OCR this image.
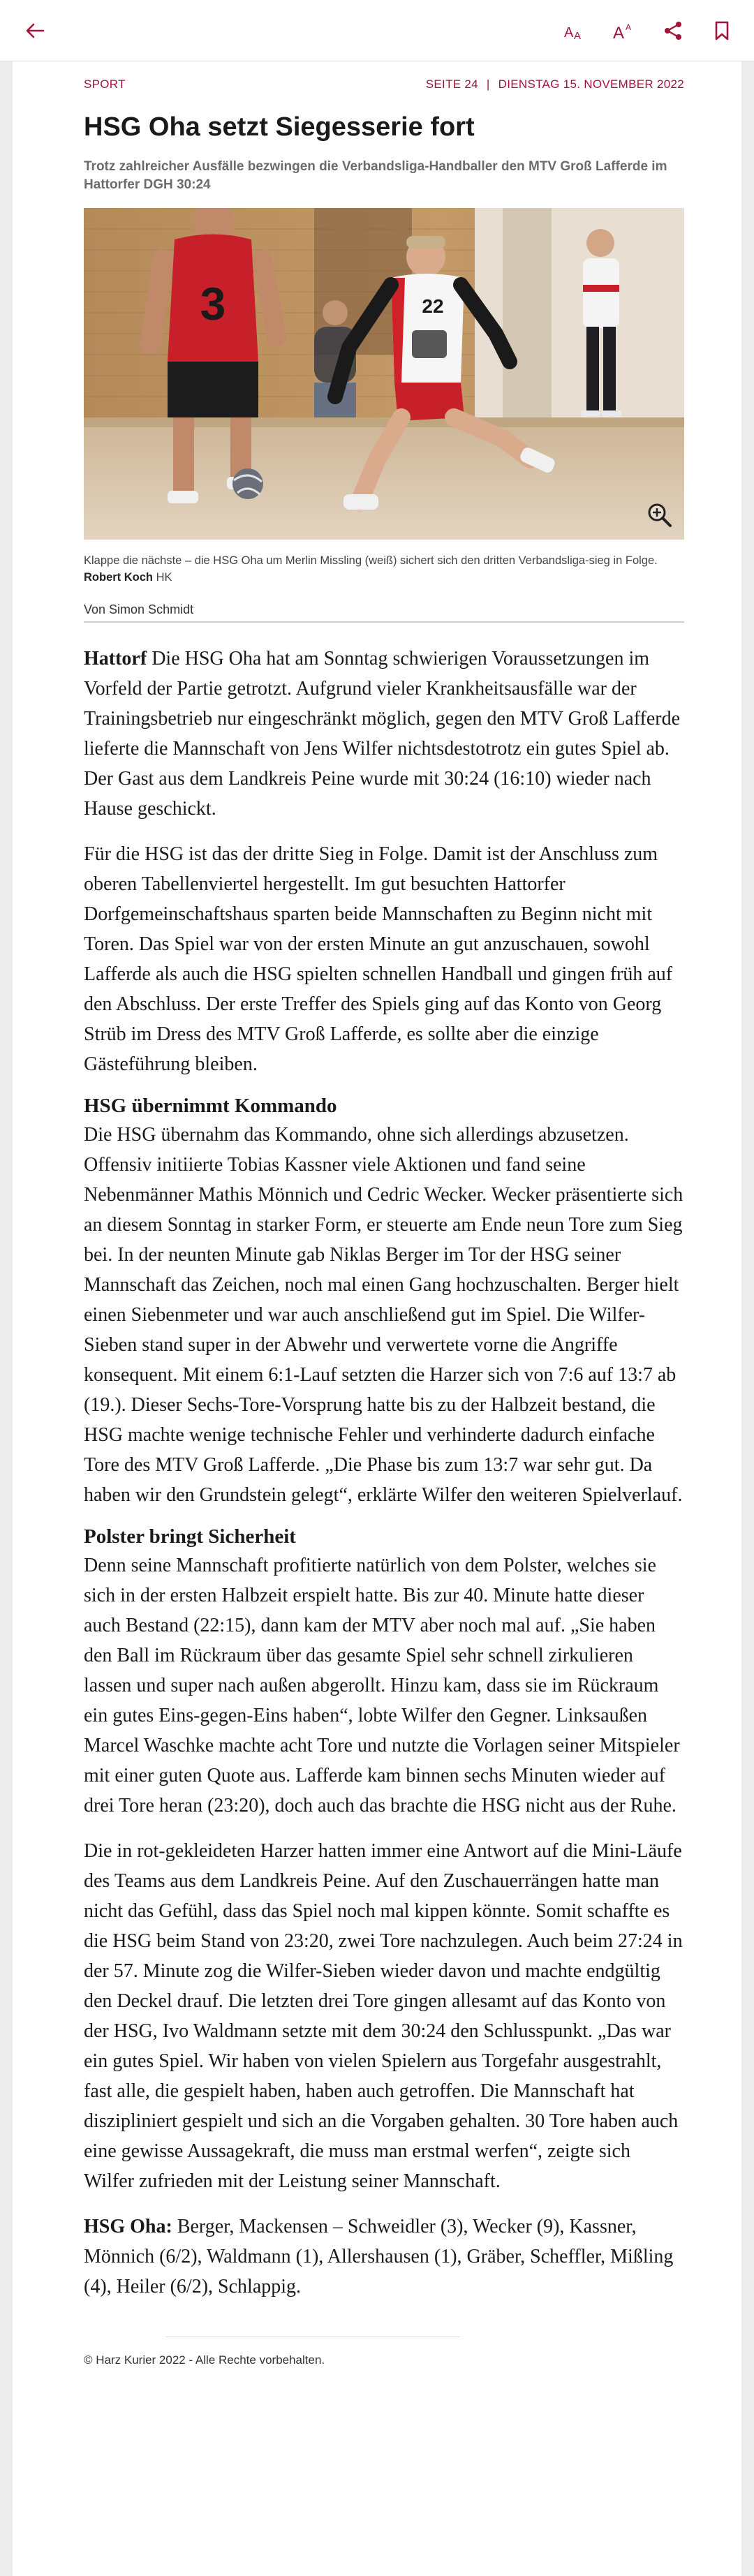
A A A A
SPORT	SEITE 24 | DIENSTAG 15. NOVEMBER 2022
HSG Oha setzt Siegesserie fort

Trotz zahlreicher Ausfälle bezwingen die Verbandsliga-Handballer den MTV Groß Lafferde im Hattorfer DGH 30:24

3	22

Klappe die nächste – die HSG Oha um Merlin Missling (weiß) sichert sich den dritten Verbandsliga-sieg in Folge. Robert Koch HK

Von Simon Schmidt

Hattorf Die HSG Oha hat am Sonntag schwierigen Voraussetzungen im Vorfeld der Partie getrotzt. Aufgrund vieler Krankheitsausfälle war der Trainingsbetrieb nur eingeschränkt möglich, gegen den MTV Groß Lafferde lieferte die Mannschaft von Jens Wilfer nichtsdestotrotz ein gutes Spiel ab. Der Gast aus dem Landkreis Peine wurde mit 30:24 (16:10) wieder nach Hause geschickt.

Für die HSG ist das der dritte Sieg in Folge. Damit ist der Anschluss zum oberen Tabellenviertel hergestellt. Im gut besuchten Hattorfer Dorfgemeinschaftshaus sparten beide Mannschaften zu Beginn nicht mit Toren. Das Spiel war von der ersten Minute an gut anzuschauen, sowohl Lafferde als auch die HSG spielten schnellen Handball und gingen früh auf den Abschluss. Der erste Treffer des Spiels ging auf das Konto von Georg Strüb im Dress des MTV Groß Lafferde, es sollte aber die einzige Gästeführung bleiben.

HSG übernimmt Kommando

Die HSG übernahm das Kommando, ohne sich allerdings abzusetzen. Offensiv initiierte Tobias Kassner viele Aktionen und fand seine Nebenmänner Mathis Mönnich und Cedric Wecker. Wecker präsentierte sich an diesem Sonntag in starker Form, er steuerte am Ende neun Tore zum Sieg bei. In der neunten Minute gab Niklas Berger im Tor der HSG seiner Mannschaft das Zeichen, noch mal einen Gang hochzuschalten. Berger hielt einen Siebenmeter und war auch anschließend gut im Spiel. Die Wilfer-Sieben stand super in der Abwehr und verwertete vorne die Angriffe konsequent. Mit einem 6:1-Lauf setzten die Harzer sich von 7:6 auf 13:7 ab (19.). Dieser Sechs-Tore-Vorsprung hatte bis zu der Halbzeit bestand, die HSG machte wenige technische Fehler und verhinderte dadurch einfache Tore des MTV Groß Lafferde. „Die Phase bis zum 13:7 war sehr gut. Da haben wir den Grundstein gelegt“, erklärte Wilfer den weiteren Spielverlauf.

Polster bringt Sicherheit

Denn seine Mannschaft profitierte natürlich von dem Polster, welches sie sich in der ersten Halbzeit erspielt hatte. Bis zur 40. Minute hatte dieser auch Bestand (22:15), dann kam der MTV aber noch mal auf. „Sie haben den Ball im Rückraum über das gesamte Spiel sehr schnell zirkulieren lassen und super nach außen abgerollt. Hinzu kam, dass sie im Rückraum ein gutes Eins-gegen-Eins haben“, lobte Wilfer den Gegner. Linksaußen Marcel Waschke machte acht Tore und nutzte die Vorlagen seiner Mitspieler mit einer guten Quote aus. Lafferde kam binnen sechs Minuten wieder auf drei Tore heran (23:20), doch auch das brachte die HSG nicht aus der Ruhe.

Die in rot-gekleideten Harzer hatten immer eine Antwort auf die Mini-Läufe des Teams aus dem Landkreis Peine. Auf den Zuschauerrängen hatte man nicht das Gefühl, dass das Spiel noch mal kippen könnte. Somit schaffte es die HSG beim Stand von 23:20, zwei Tore nachzulegen. Auch beim 27:24 in der 57. Minute zog die Wilfer-Sieben wieder davon und machte endgültig den Deckel drauf. Die letzten drei Tore gingen allesamt auf das Konto von der HSG, Ivo Waldmann setzte mit dem 30:24 den Schlusspunkt. „Das war ein gutes Spiel. Wir haben von vielen Spielern aus Torgefahr ausgestrahlt, fast alle, die gespielt haben, haben auch getroffen. Die Mannschaft hat diszipliniert gespielt und sich an die Vorgaben gehalten. 30 Tore haben auch eine gewisse Aussagekraft, die muss man erstmal werfen“, zeigte sich Wilfer zufrieden mit der Leistung seiner Mannschaft.

HSG Oha: Berger, Mackensen – Schweidler (3), Wecker (9), Kassner, Mönnich (6/2), Waldmann (1), Allershausen (1), Gräber, Scheffler, Mißling (4), Heiler (6/2), Schlappig.

© Harz Kurier 2022 - Alle Rechte vorbehalten.
